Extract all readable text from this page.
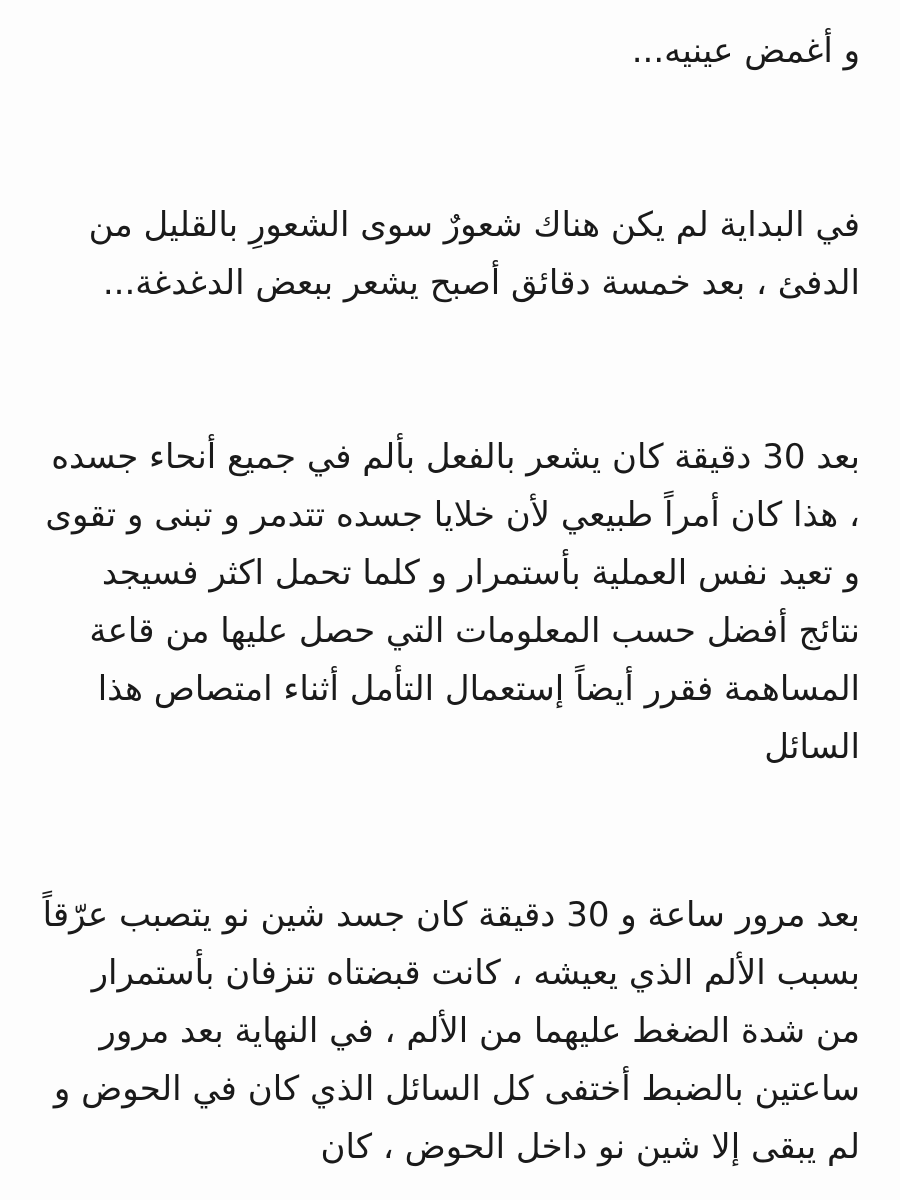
و أغمض عينيه...

في البداية لم يكن هناك شعورٌ سوى الشعورِ بالقليل من الدفئ ، بعد خمسة دقائق أصبح يشعر ببعض الدغدغة...

بعد 30 دقيقة كان يشعر بالفعل بألم في جميع أنحاء جسده ، هذا كان أمراً طبيعي لأن خلايا جسده تتدمر و تبنى و تقوى و تعيد نفس العملية بأستمرار و كلما تحمل اكثر فسيجد نتائج أفضل حسب المعلومات التي حصل عليها من قاعة المساهمة فقرر أيضاً إستعمال التأمل أثناء امتصاص هذا السائل

بعد مرور ساعة و 30 دقيقة كان جسد شين نو يتصبب عرّقاً بسبب الألم الذي يعيشه ، كانت قبضتاه تنزفان بأستمرار من شدة الضغط عليهما من الألم ، في النهاية بعد مرور ساعتين بالضبط أختفى كل السائل الذي كان في الحوض و لم يبقى إلا شين نو داخل الحوض ، كان
